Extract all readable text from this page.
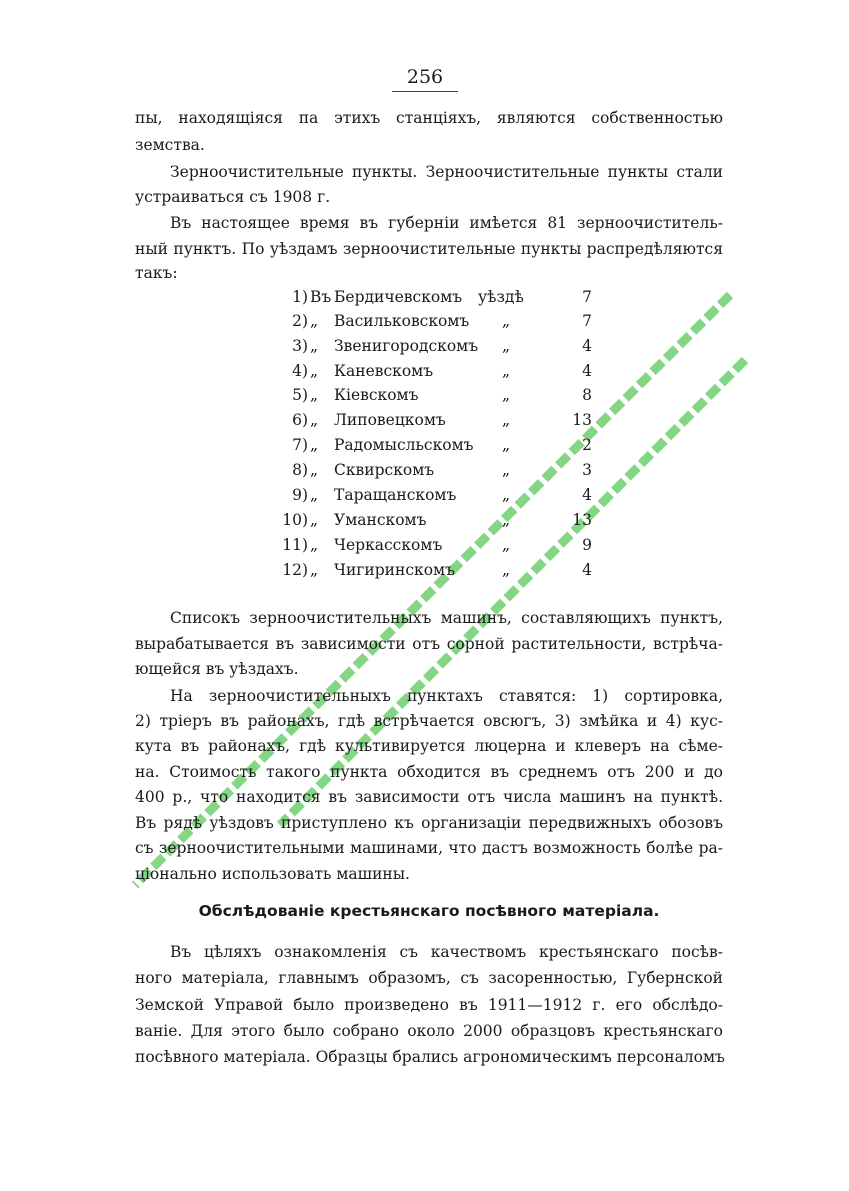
256
пы, находящіяся па этихъ станціяхъ, являются собственностью
земства.
Зерноочистительные пункты. Зерноочистительные пункты стали
устраиваться съ 1908 г.
Въ настоящее время въ губерніи имѣется 81 зерноочиститель-
ный пунктъ. По уѣздамъ зерноочистительные пункты распредѣляются
такъ:
1) Въ Бердичевскомъ уѣздѣ	7
2) „ Васильковскомъ „	7
3) „ Звенигородскомъ „	4
4) „ Каневскомъ	„	4
5) „ Кіевскомъ	„	8
6) „ Липовецкомъ	„	13
7) „ Радомысльскомъ „	2
8) „ Сквирскомъ	„	3
9) „ Таращанскомъ	„	4
10) „ Уманскомъ	„	13
11) „ Черкасскомъ	„	9
12) „ Чигиринскомъ	„	4
Списокъ зерноочистительныхъ машинъ, составляющихъ пунктъ,
вырабатывается въ зависимости отъ сорной растительности, встрѣча-
ющейся въ уѣздахъ.
На зерноочистительныхъ пунктахъ ставятся: 1) сортировка,
2) тріеръ въ районахъ, гдѣ встрѣчается овсюгъ, 3) змѣйка и 4) кус-
кута въ районахъ, гдѣ культивируется люцерна и клеверъ на сѣме-
на. Стоимость такого пункта обходится въ среднемъ отъ 200 и до
400 р., что находится въ зависимости отъ числа машинъ на пунктѣ.
Въ рядѣ уѣздовъ приступлено къ организаціи передвижныхъ обозовъ
съ зерноочистительными машинами, что дастъ возможность болѣе ра-
ціонально использовать машины.
Обслѣдованіе крестьянскаго посѣвного матеріала.
Въ цѣляхъ ознакомленія съ качествомъ крестьянскаго посѣв-
ного матеріала, главнымъ образомъ, съ засоренностью, Губернской
Земской Управой было произведено въ 1911—1912 г. его обслѣдо-
ваніе. Для этого было собрано около 2000 образцовъ крестьянскаго
посѣвного матеріала. Образцы брались агрономическимъ персоналомъ
